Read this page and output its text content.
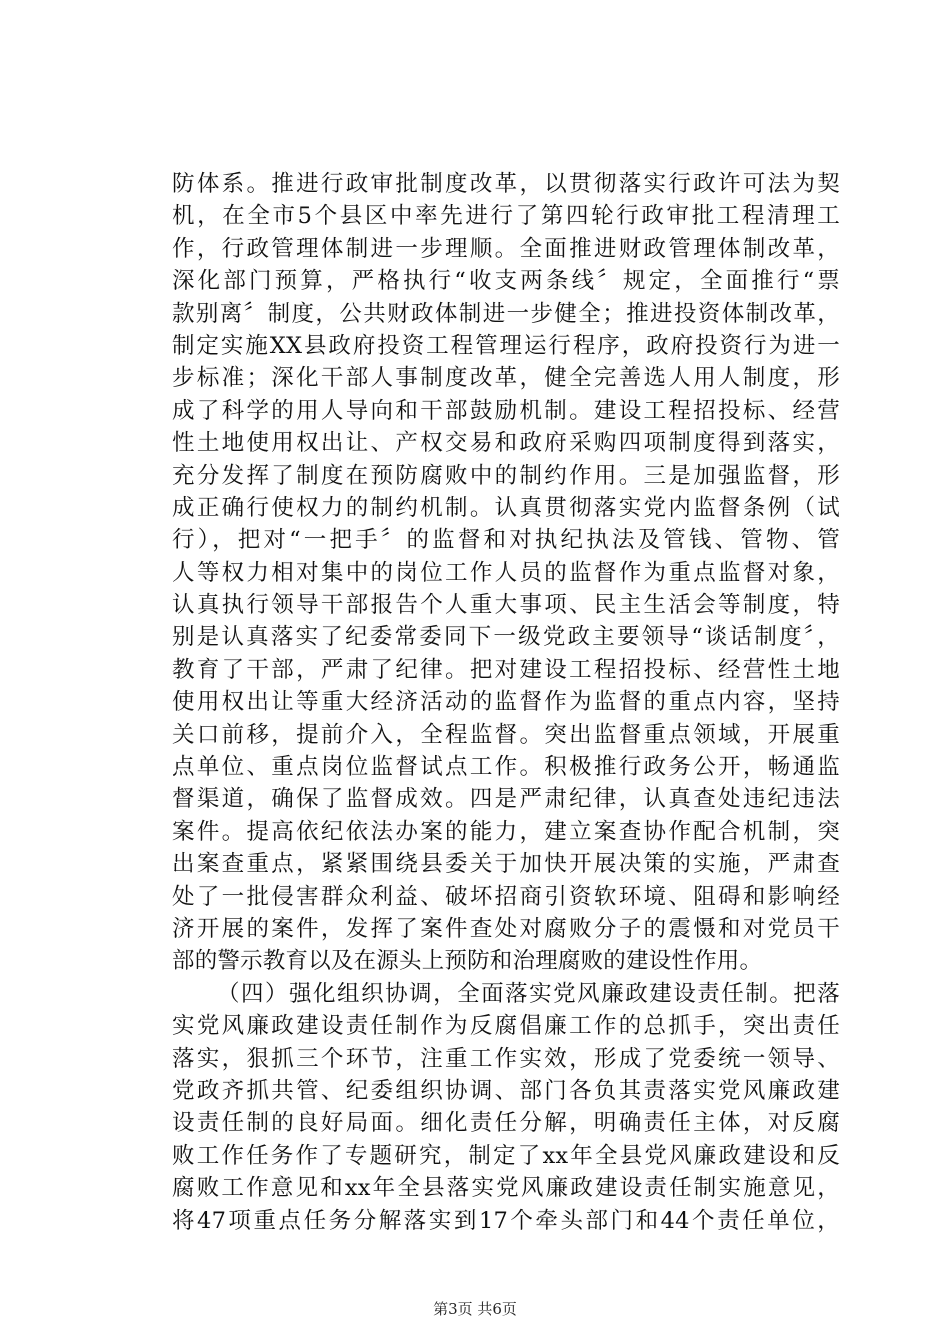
防体系。推进行政审批制度改革，以贯彻落实行政许可法为契
机，在全市5个县区中率先进行了第四轮行政审批工程清理工
作，行政管理体制进一步理顺。全面推进财政管理体制改革，
深化部门预算，严格执行“收支两条线〞规定，全面推行“票
款别离〞制度，公共财政体制进一步健全；推进投资体制改革，
制定实施XX县政府投资工程管理运行程序，政府投资行为进一
步标准；深化干部人事制度改革，健全完善选人用人制度，形
成了科学的用人导向和干部鼓励机制。建设工程招投标、经营
性土地使用权出让、产权交易和政府采购四项制度得到落实，
充分发挥了制度在预防腐败中的制约作用。三是加强监督，形
成正确行使权力的制约机制。认真贯彻落实党内监督条例（试
行），把对“一把手〞的监督和对执纪执法及管钱、管物、管
人等权力相对集中的岗位工作人员的监督作为重点监督对象，
认真执行领导干部报告个人重大事项、民主生活会等制度，特
别是认真落实了纪委常委同下一级党政主要领导“谈话制度〞，
教育了干部，严肃了纪律。把对建设工程招投标、经营性土地
使用权出让等重大经济活动的监督作为监督的重点内容，坚持
关口前移，提前介入，全程监督。突出监督重点领域，开展重
点单位、重点岗位监督试点工作。积极推行政务公开，畅通监
督渠道，确保了监督成效。四是严肃纪律，认真查处违纪违法
案件。提高依纪依法办案的能力，建立案查协作配合机制，突
出案查重点，紧紧围绕县委关于加快开展决策的实施，严肃查
处了一批侵害群众利益、破坏招商引资软环境、阻碍和影响经
济开展的案件，发挥了案件查处对腐败分子的震慑和对党员干
部的警示教育以及在源头上预防和治理腐败的建设性作用。
（四）强化组织协调，全面落实党风廉政建设责任制。把落
实党风廉政建设责任制作为反腐倡廉工作的总抓手，突出责任
落实，狠抓三个环节，注重工作实效，形成了党委统一领导、
党政齐抓共管、纪委组织协调、部门各负其责落实党风廉政建
设责任制的良好局面。细化责任分解，明确责任主体，对反腐
败工作任务作了专题研究，制定了xx年全县党风廉政建设和反
腐败工作意见和xx年全县落实党风廉政建设责任制实施意见，
将47项重点任务分解落实到17个牵头部门和44个责任单位，
第3页 共6页
